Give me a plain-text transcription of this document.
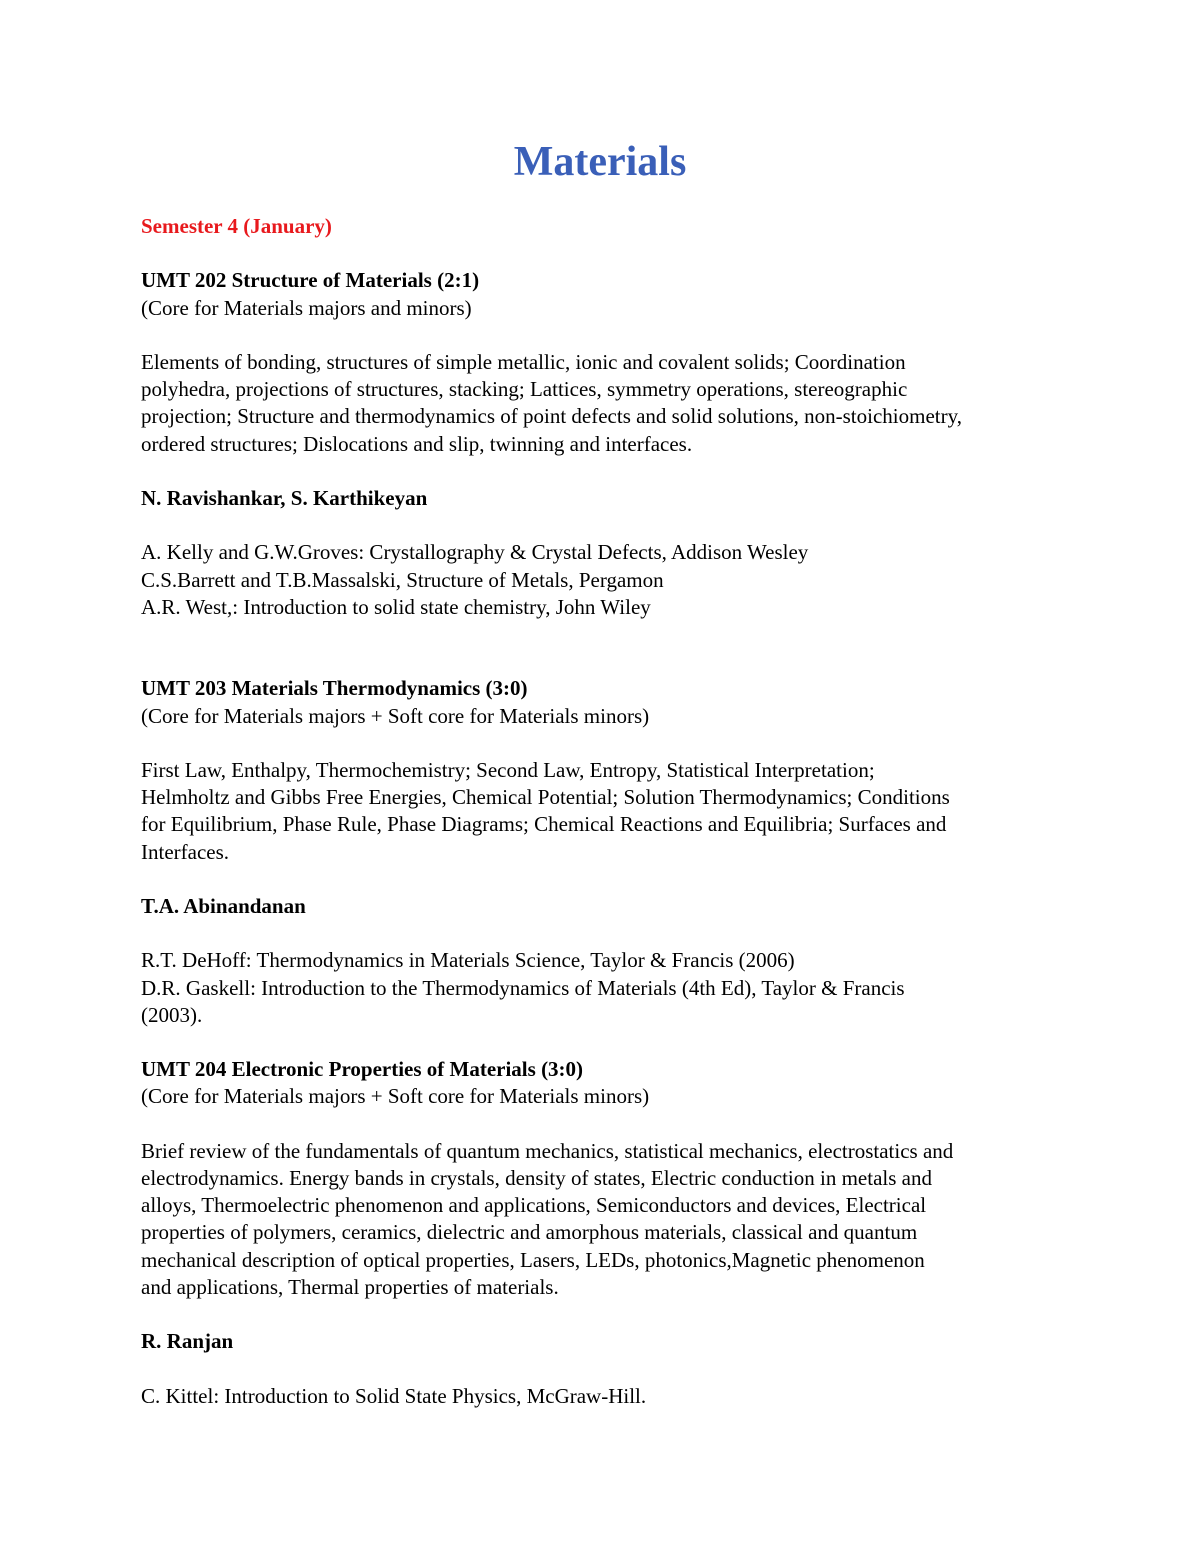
Materials

Semester 4 (January)

UMT 202 Structure of Materials (2:1)

(Core for Materials majors and minors)

Elements of bonding, structures of simple metallic, ionic and covalent solids; Coordination

polyhedra, projections of structures, stacking; Lattices, symmetry operations, stereographic

projection; Structure and thermodynamics of point defects and solid solutions, non-stoichiometry,

ordered structures; Dislocations and slip, twinning and interfaces.

N. Ravishankar, S. Karthikeyan

A. Kelly and G.W.Groves: Crystallography & Crystal Defects, Addison Wesley

C.S.Barrett and T.B.Massalski, Structure of Metals, Pergamon

A.R. West,: Introduction to solid state chemistry, John Wiley

UMT 203 Materials Thermodynamics (3:0)

(Core for Materials majors + Soft core for Materials minors)

First Law, Enthalpy, Thermochemistry; Second Law, Entropy, Statistical Interpretation;

Helmholtz and Gibbs Free Energies, Chemical Potential; Solution Thermodynamics; Conditions

for Equilibrium, Phase Rule, Phase Diagrams; Chemical Reactions and Equilibria; Surfaces and

Interfaces.

T.A. Abinandanan

R.T. DeHoff: Thermodynamics in Materials Science, Taylor & Francis (2006)

D.R. Gaskell: Introduction to the Thermodynamics of Materials (4th Ed), Taylor & Francis

(2003).

UMT 204 Electronic Properties of Materials (3:0)

(Core for Materials majors + Soft core for Materials minors)

Brief review of the fundamentals of quantum mechanics, statistical mechanics, electrostatics and

electrodynamics. Energy bands in crystals, density of states, Electric conduction in metals and

alloys, Thermoelectric phenomenon and applications, Semiconductors and devices, Electrical

properties of polymers, ceramics, dielectric and amorphous materials, classical and quantum

mechanical description of optical properties, Lasers, LEDs, photonics,Magnetic phenomenon

and applications, Thermal properties of materials.

R. Ranjan

C. Kittel: Introduction to Solid State Physics, McGraw-Hill.
